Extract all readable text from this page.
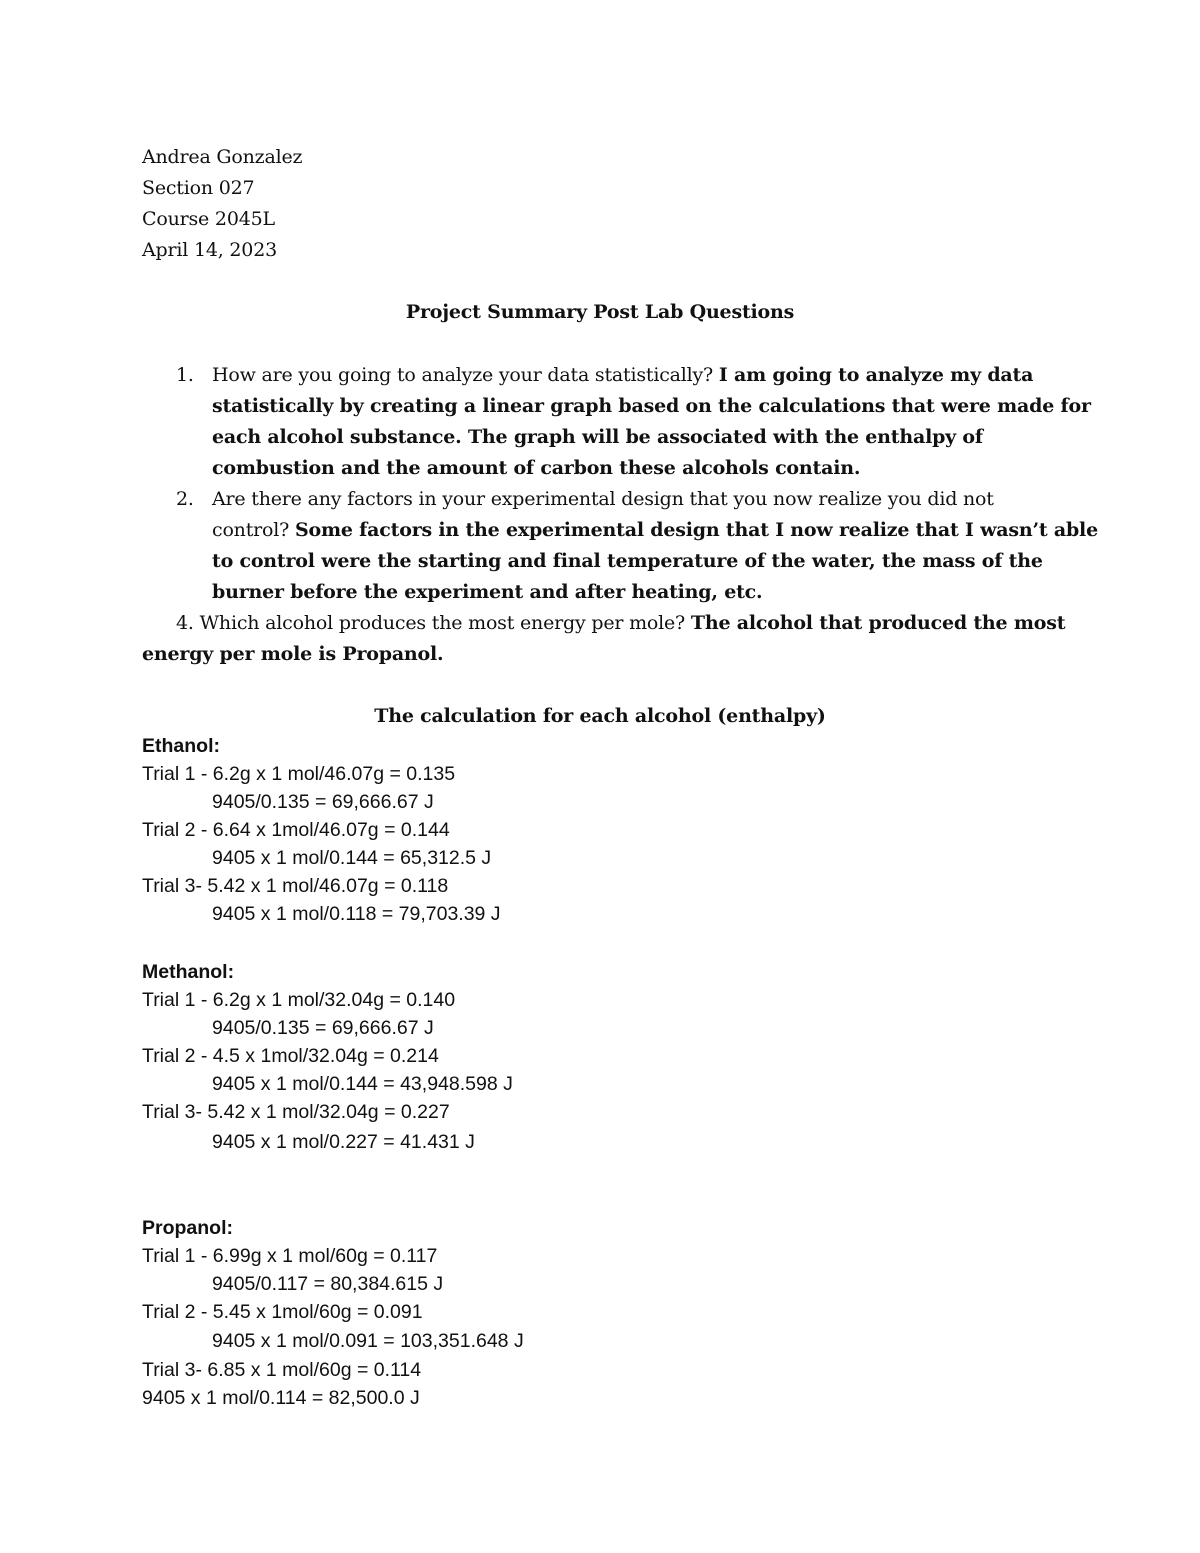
Andrea Gonzalez
Section 027
Course 2045L
April 14, 2023
Project Summary Post Lab Questions
1. How are you going to analyze your data statistically? I am going to analyze my data
statistically by creating a linear graph based on the calculations that were made for
each alcohol substance. The graph will be associated with the enthalpy of
combustion and the amount of carbon these alcohols contain.
2. Are there any factors in your experimental design that you now realize you did not
control? Some factors in the experimental design that I now realize that I wasn’t able
to control were the starting and final temperature of the water, the mass of the
burner before the experiment and after heating, etc.
4. Which alcohol produces the most energy per mole? The alcohol that produced the most
energy per mole is Propanol.
The calculation for each alcohol (enthalpy)
Ethanol:
Trial 1 - 6.2g x 1 mol/46.07g = 0.135
9405/0.135 = 69,666.67 J
Trial 2 - 6.64 x 1mol/46.07g = 0.144
9405 x 1 mol/0.144 = 65,312.5 J
Trial 3- 5.42 x 1 mol/46.07g = 0.118
9405 x 1 mol/0.118 = 79,703.39 J
Methanol:
Trial 1 - 6.2g x 1 mol/32.04g = 0.140
9405/0.135 = 69,666.67 J
Trial 2 - 4.5 x 1mol/32.04g = 0.214
9405 x 1 mol/0.144 = 43,948.598 J
Trial 3- 5.42 x 1 mol/32.04g = 0.227
9405 x 1 mol/0.227 = 41.431 J
Propanol:
Trial 1 - 6.99g x 1 mol/60g = 0.117
9405/0.117 = 80,384.615 J
Trial 2 - 5.45 x 1mol/60g = 0.091
9405 x 1 mol/0.091 = 103,351.648 J
Trial 3- 6.85 x 1 mol/60g = 0.114
9405 x 1 mol/0.114 = 82,500.0 J
